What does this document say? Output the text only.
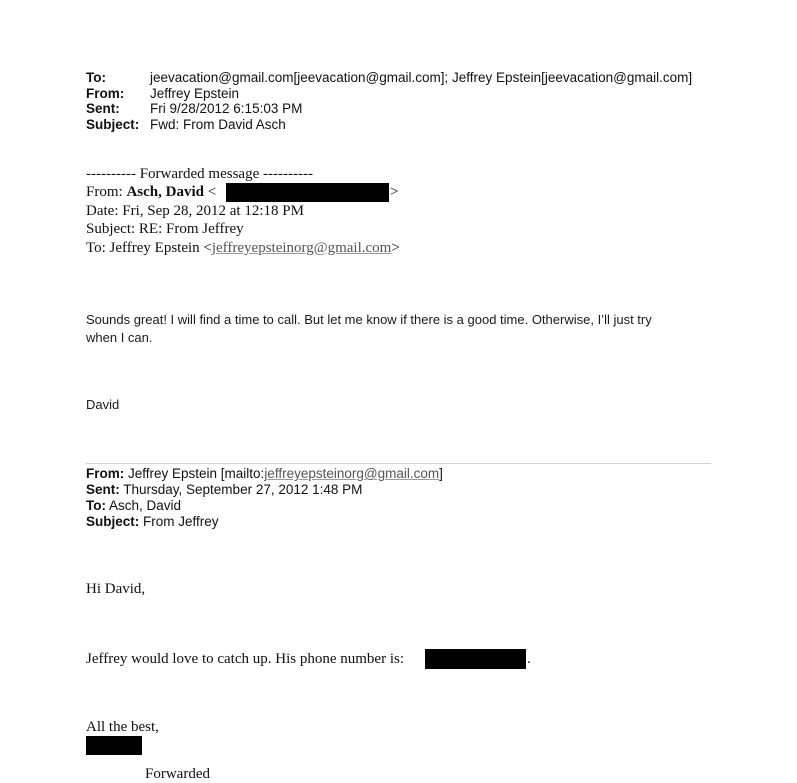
To:	jeevacation@gmail.com[jeevacation@gmail.com]; Jeffrey Epstein[jeevacation@gmail.com]
From:	Jeffrey Epstein
Sent:	Fri 9/28/2012 6:15:03 PM
Subject: Fwd: From David Asch
---------- Forwarded message ----------
From: Asch, David <	>
Date: Fri, Sep 28, 2012 at 12:18 PM
Subject: RE: From Jeffrey
To: Jeffrey Epstein <jeffreyepsteinorg@gmail.com>
Sounds great! I will find a time to call. But let me know if there is a good time. Otherwise, I’ll just try
when I can.
David
From: Jeffrey Epstein [mailto:jeffreyepsteinorg@gmail.com]
Sent: Thursday, September 27, 2012 1:48 PM
To: Asch, David
Subject: From Jeffrey
Hi David,
Jeffrey would love to catch up. His phone number is:	.
All the best,
Forwarded
